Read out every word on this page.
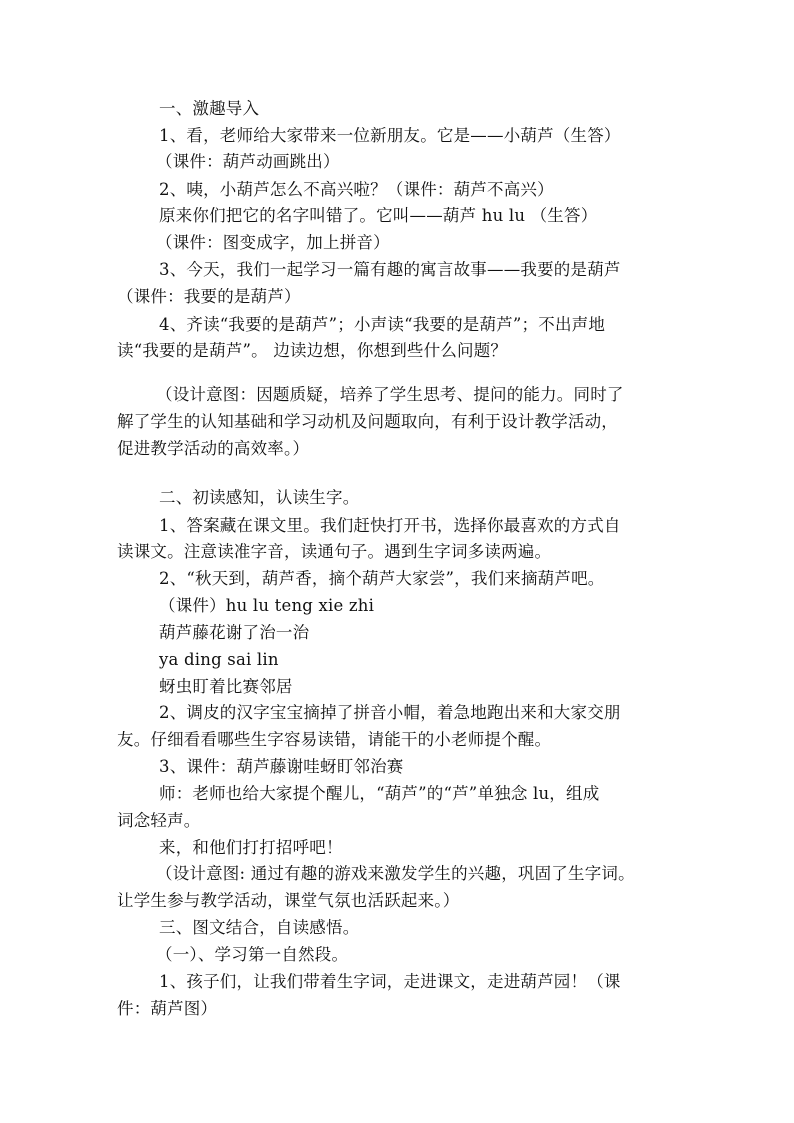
一、激趣导入
1、看，老师给大家带来一位新朋友。它是——小葫芦（生答）
（课件：葫芦动画跳出）
2、咦，小葫芦怎么不高兴啦？（课件：葫芦不高兴）
原来你们把它的名字叫错了。它叫——葫芦 hu lu （生答）
（课件：图变成字，加上拼音）
3、今天，我们一起学习一篇有趣的寓言故事——我要的是葫芦
（课件：我要的是葫芦）
4、齐读“我要的是葫芦”；小声读“我要的是葫芦”；不出声地
读“我要的是葫芦”。 边读边想，你想到些什么问题？
（设计意图：因题质疑，培养了学生思考、提问的能力。同时了
解了学生的认知基础和学习动机及问题取向，有利于设计教学活动，
促进教学活动的高效率。）
二、初读感知，认读生字。
1、答案藏在课文里。我们赶快打开书，选择你最喜欢的方式自
读课文。注意读准字音，读通句子。遇到生字词多读两遍。
2、“秋天到，葫芦香，摘个葫芦大家尝”，我们来摘葫芦吧。
（课件）hu lu teng xie zhi
葫芦藤花谢了治一治
ya ding sai lin
蚜虫盯着比赛邻居
2、调皮的汉字宝宝摘掉了拼音小帽，着急地跑出来和大家交朋
友。仔细看看哪些生字容易读错，请能干的小老师提个醒。
3、课件：葫芦藤谢哇蚜盯邻治赛
师：老师也给大家提个醒儿，“葫芦”的“芦”单独念 lu，组成
词念轻声。
来，和他们打打招呼吧！
（设计意图: 通过有趣的游戏来激发学生的兴趣，巩固了生字词。
让学生参与教学活动，课堂气氛也活跃起来。）
三、图文结合，自读感悟。
（一）、学习第一自然段。
1、孩子们，让我们带着生字词，走进课文，走进葫芦园！（课
件：葫芦图）
